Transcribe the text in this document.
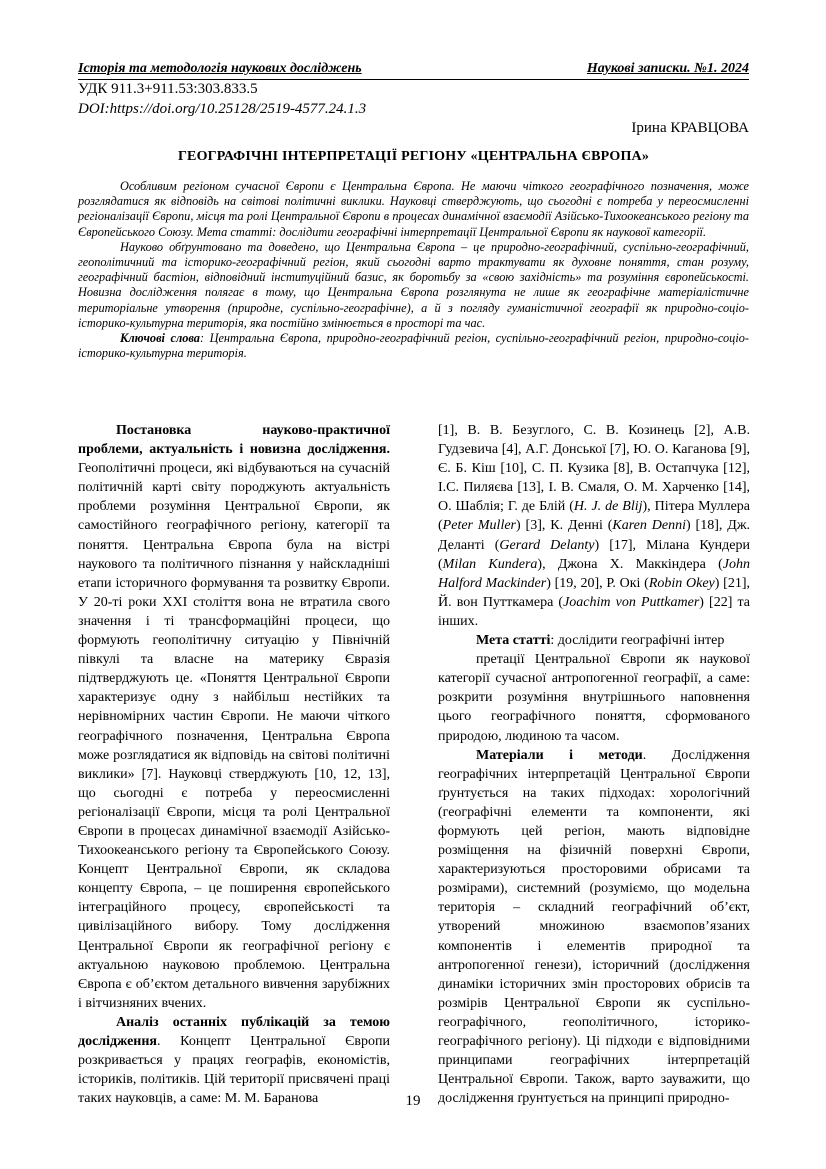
Історія та методологія наукових досліджень	Наукові записки. №1. 2024
УДК 911.3+911.53:303.833.5
DOI:https://doi.org/10.25128/2519-4577.24.1.3
Ірина КРАВЦОВА
ГЕОГРАФІЧНІ ІНТЕРПРЕТАЦІЇ РЕГІОНУ «ЦЕНТРАЛЬНА ЄВРОПА»

Особливим регіоном сучасної Європи є Центральна Європа. Не маючи чіткого географічного позначення, може розглядатися як відповідь на світові політичні виклики. Науковці стверджують, що сьогодні є потреба у переосмисленні регіоналізації Європи, місця та ролі Центральної Європи в процесах динамічної взаємодії Азійсько-Тихоокеанського регіону та Європейського Союзу. Мета статті: дослідити географічні інтерпретації Центральної Європи як наукової категорії.

Науково обґрунтовано та доведено, що Центральна Європа – це природно-географічний, суспільно-географічний, геополітичний та історико-географічний регіон, який сьогодні варто трактувати як духовне поняття, стан розуму, географічний бастіон, відповідний інституційний базис, як боротьбу за «свою західність» та розуміння європейськості. Новизна дослідження полягає в тому, що Центральна Європа розглянута не лише як географічне матеріалістичне територіальне утворення (природне, суспільно-географічне), а й з погляду гуманістичної географії як природно-соціо-історико-культурна територія, яка постійно змінюється в просторі та час.

Ключові слова: Центральна Європа, природно-географічний регіон, суспільно-географічний регіон, природно-соціо-історико-культурна територія.

Постановка науково-практичної проблеми, актуальність і новизна дослідження. Геополітичні процеси, які відбуваються на сучасній політичній карті світу породжують актуальність проблеми розуміння Центральної Європи, як самостійного географічного регіону, категорії та поняття. Центральна Європа була на вістрі наукового та політичного пізнання у найскладніші етапи історичного формування та розвитку Європи. У 20-ті роки ХХІ століття вона не втратила свого значення і ті трансформаційні процеси, що формують геополітичну ситуацію у Північній півкулі та власне на материку Євразія підтверджують це. «Поняття Центральної Європи характеризує одну з найбільш нестійких та нерівномірних частин Європи. Не маючи чіткого географічного позначення, Центральна Європа може розглядатися як відповідь на світові політичні виклики» [7]. Науковці стверджують [10, 12, 13], що сьогодні є потреба у переосмисленні регіоналізації Європи, місця та ролі Центральної Європи в процесах динамічної взаємодії Азійсько-Тихоокеанського регіону та Європейського Союзу. Концепт Центральної Європи, як складова концепту Європа, – це поширення європейського інтеграційного процесу, європейськості та цивілізаційного вибору. Тому дослідження Центральної Європи як географічної регіону є актуальною науковою проблемою. Центральна Європа є об’єктом детального вивчення зарубіжних і вітчизняних вчених.

Аналіз останніх публікацій за темою дослідження. Концепт Центральної Європи розкривається у працях географів, економістів, істориків, політиків. Цій території присвячені праці таких науковців, а саме: М. М. Баранова

[1], В. В. Безуглого, С. В. Козинець [2], А.В. Гудзевича [4], А.Г. Донської [7], Ю. О. Каганова [9], Є. Б. Кіш [10], С. П. Кузика [8], В. Остапчука [12], І.С. Пиляєва [13], І. В. Смаля, О. М. Харченко [14], О. Шаблія; Г. де Блій (H. J. de Blij), Пітера Муллера (Peter Muller) [3], К. Денні (Karen Denni) [18], Дж. Деланті (Gerard Delanty) [17], Мілана Кундери (Milan Kundera), Джона Х. Маккіндера (John Halford Mackinder) [19, 20], Р. Окі (Robin Okey) [21], Й. вон Путткамера (Joachim von Puttkamer) [22] та інших.

Мета статті: дослідити географічні інтер

претації Центральної Європи як наукової категорії сучасної антропогенної географії, а саме: розкрити розуміння внутрішнього наповнення цього географічного поняття, сформованого природою, людиною та часом.

Матеріали і методи. Дослідження географічних інтерпретацій Центральної Європи ґрунтується на таких підходах: хорологічний (географічні елементи та компоненти, які формують цей регіон, мають відповідне розміщення на фізичній поверхні Європи, характеризуються просторовими обрисами та розмірами), системний (розуміємо, що модельна територія – складний географічний об’єкт, утворений множиною взаємопов’язаних компонентів і елементів природної та антропогенної генези), історичний (дослідження динаміки історичних змін просторових обрисів та розмірів Центральної Європи як суспільно-географічного, геополітичного, історико-географічного регіону). Ці підходи є відповідними принципами географічних інтерпретацій Центральної Європи. Також, варто зауважити, що дослідження ґрунтується на принципі природно-

19
